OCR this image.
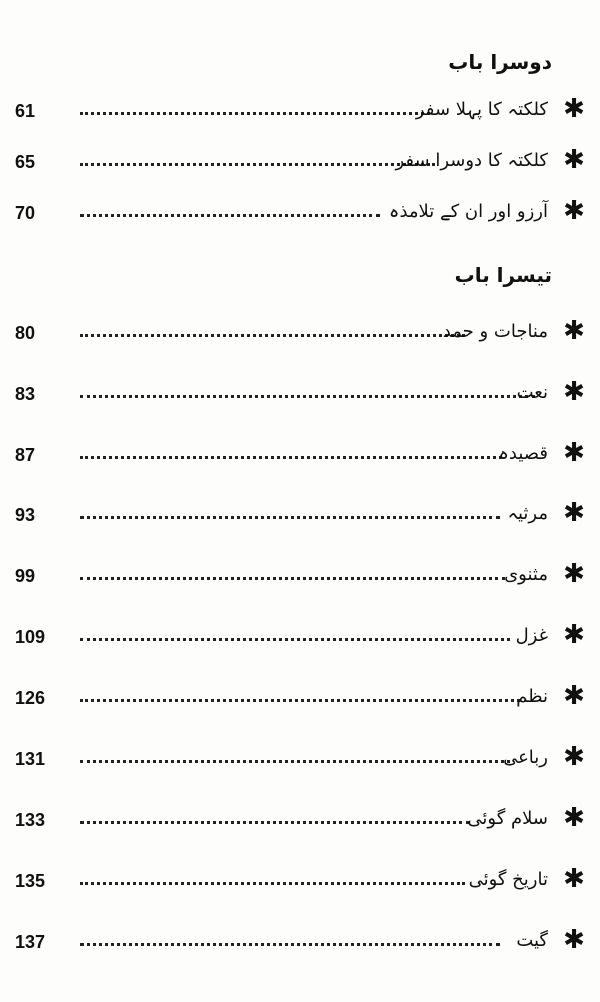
دوسرا باب
61	کلکتہ کا پہلا سفر ✱
65	کلکتہ کا دوسرا سفر ✱
70	آرزو اور ان کے تلامذہ ✱
تیسرا باب
80	مناجات و حمد ✱
83	نعت ✱
87	قصیدہ ✱
93	مرثیہ ✱
99	مثنوی ✱
109	غزل ✱
126	نظم ✱
131	رباعی ✱
133	سلام گوئی ✱
135	تاریخ گوئی ✱
137	گیت ✱
